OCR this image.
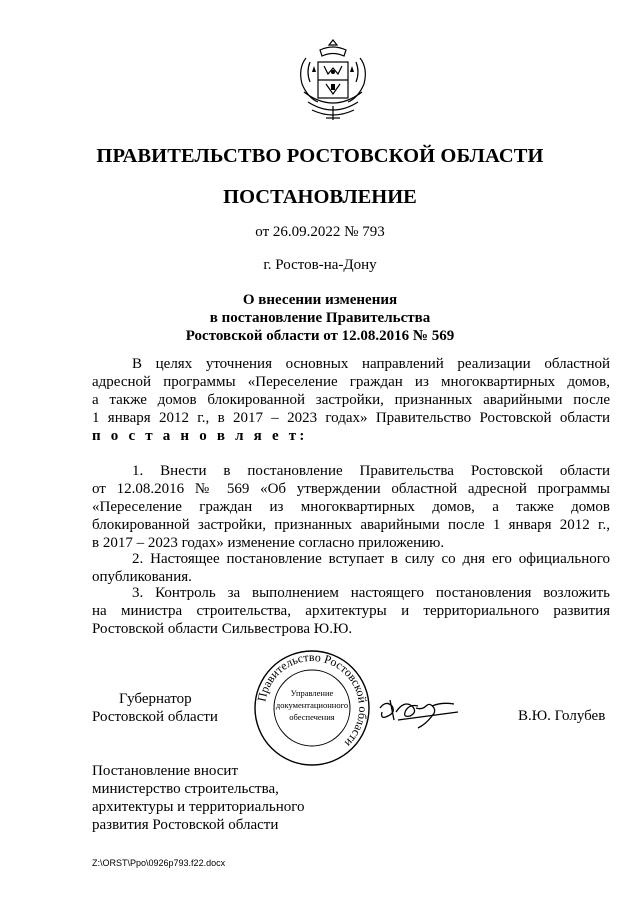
ПРАВИТЕЛЬСТВО РОСТОВСКОЙ ОБЛАСТИ
ПОСТАНОВЛЕНИЕ
от 26.09.2022 № 793
г. Ростов-на-Дону
О внесении изменения
в постановление Правительства
Ростовской области от 12.08.2016 № 569
В целях уточнения основных направлений реализации областной
адресной программы «Переселение граждан из многоквартирных домов,
а также домов блокированной застройки, признанных аварийными после
1 января 2012 г., в 2017 – 2023 годах» Правительство Ростовской области
п о с т а н о в л я е т:
1. Внести в постановление Правительства Ростовской области
от 12.08.2016 № 569 «Об утверждении областной адресной программы
«Переселение граждан из многоквартирных домов, а также домов
блокированной застройки, признанных аварийными после 1 января 2012 г.,
в 2017 – 2023 годах» изменение согласно приложению.
2. Настоящее постановление вступает в силу со дня его официального
опубликования.
3. Контроль за выполнением настоящего постановления возложить
на министра строительства, архитектуры и территориального развития
Ростовской области Сильвестрова Ю.Ю.
Губернатор
Ростовской области
Правительство Ростовской области
Управление
документационного
обеспечения	В.Ю. Голубев
Постановление вносит
министерство строительства,
архитектуры и территориального
развития Ростовской области
Z:\ORST\Ppo\0926p793.f22.docx
